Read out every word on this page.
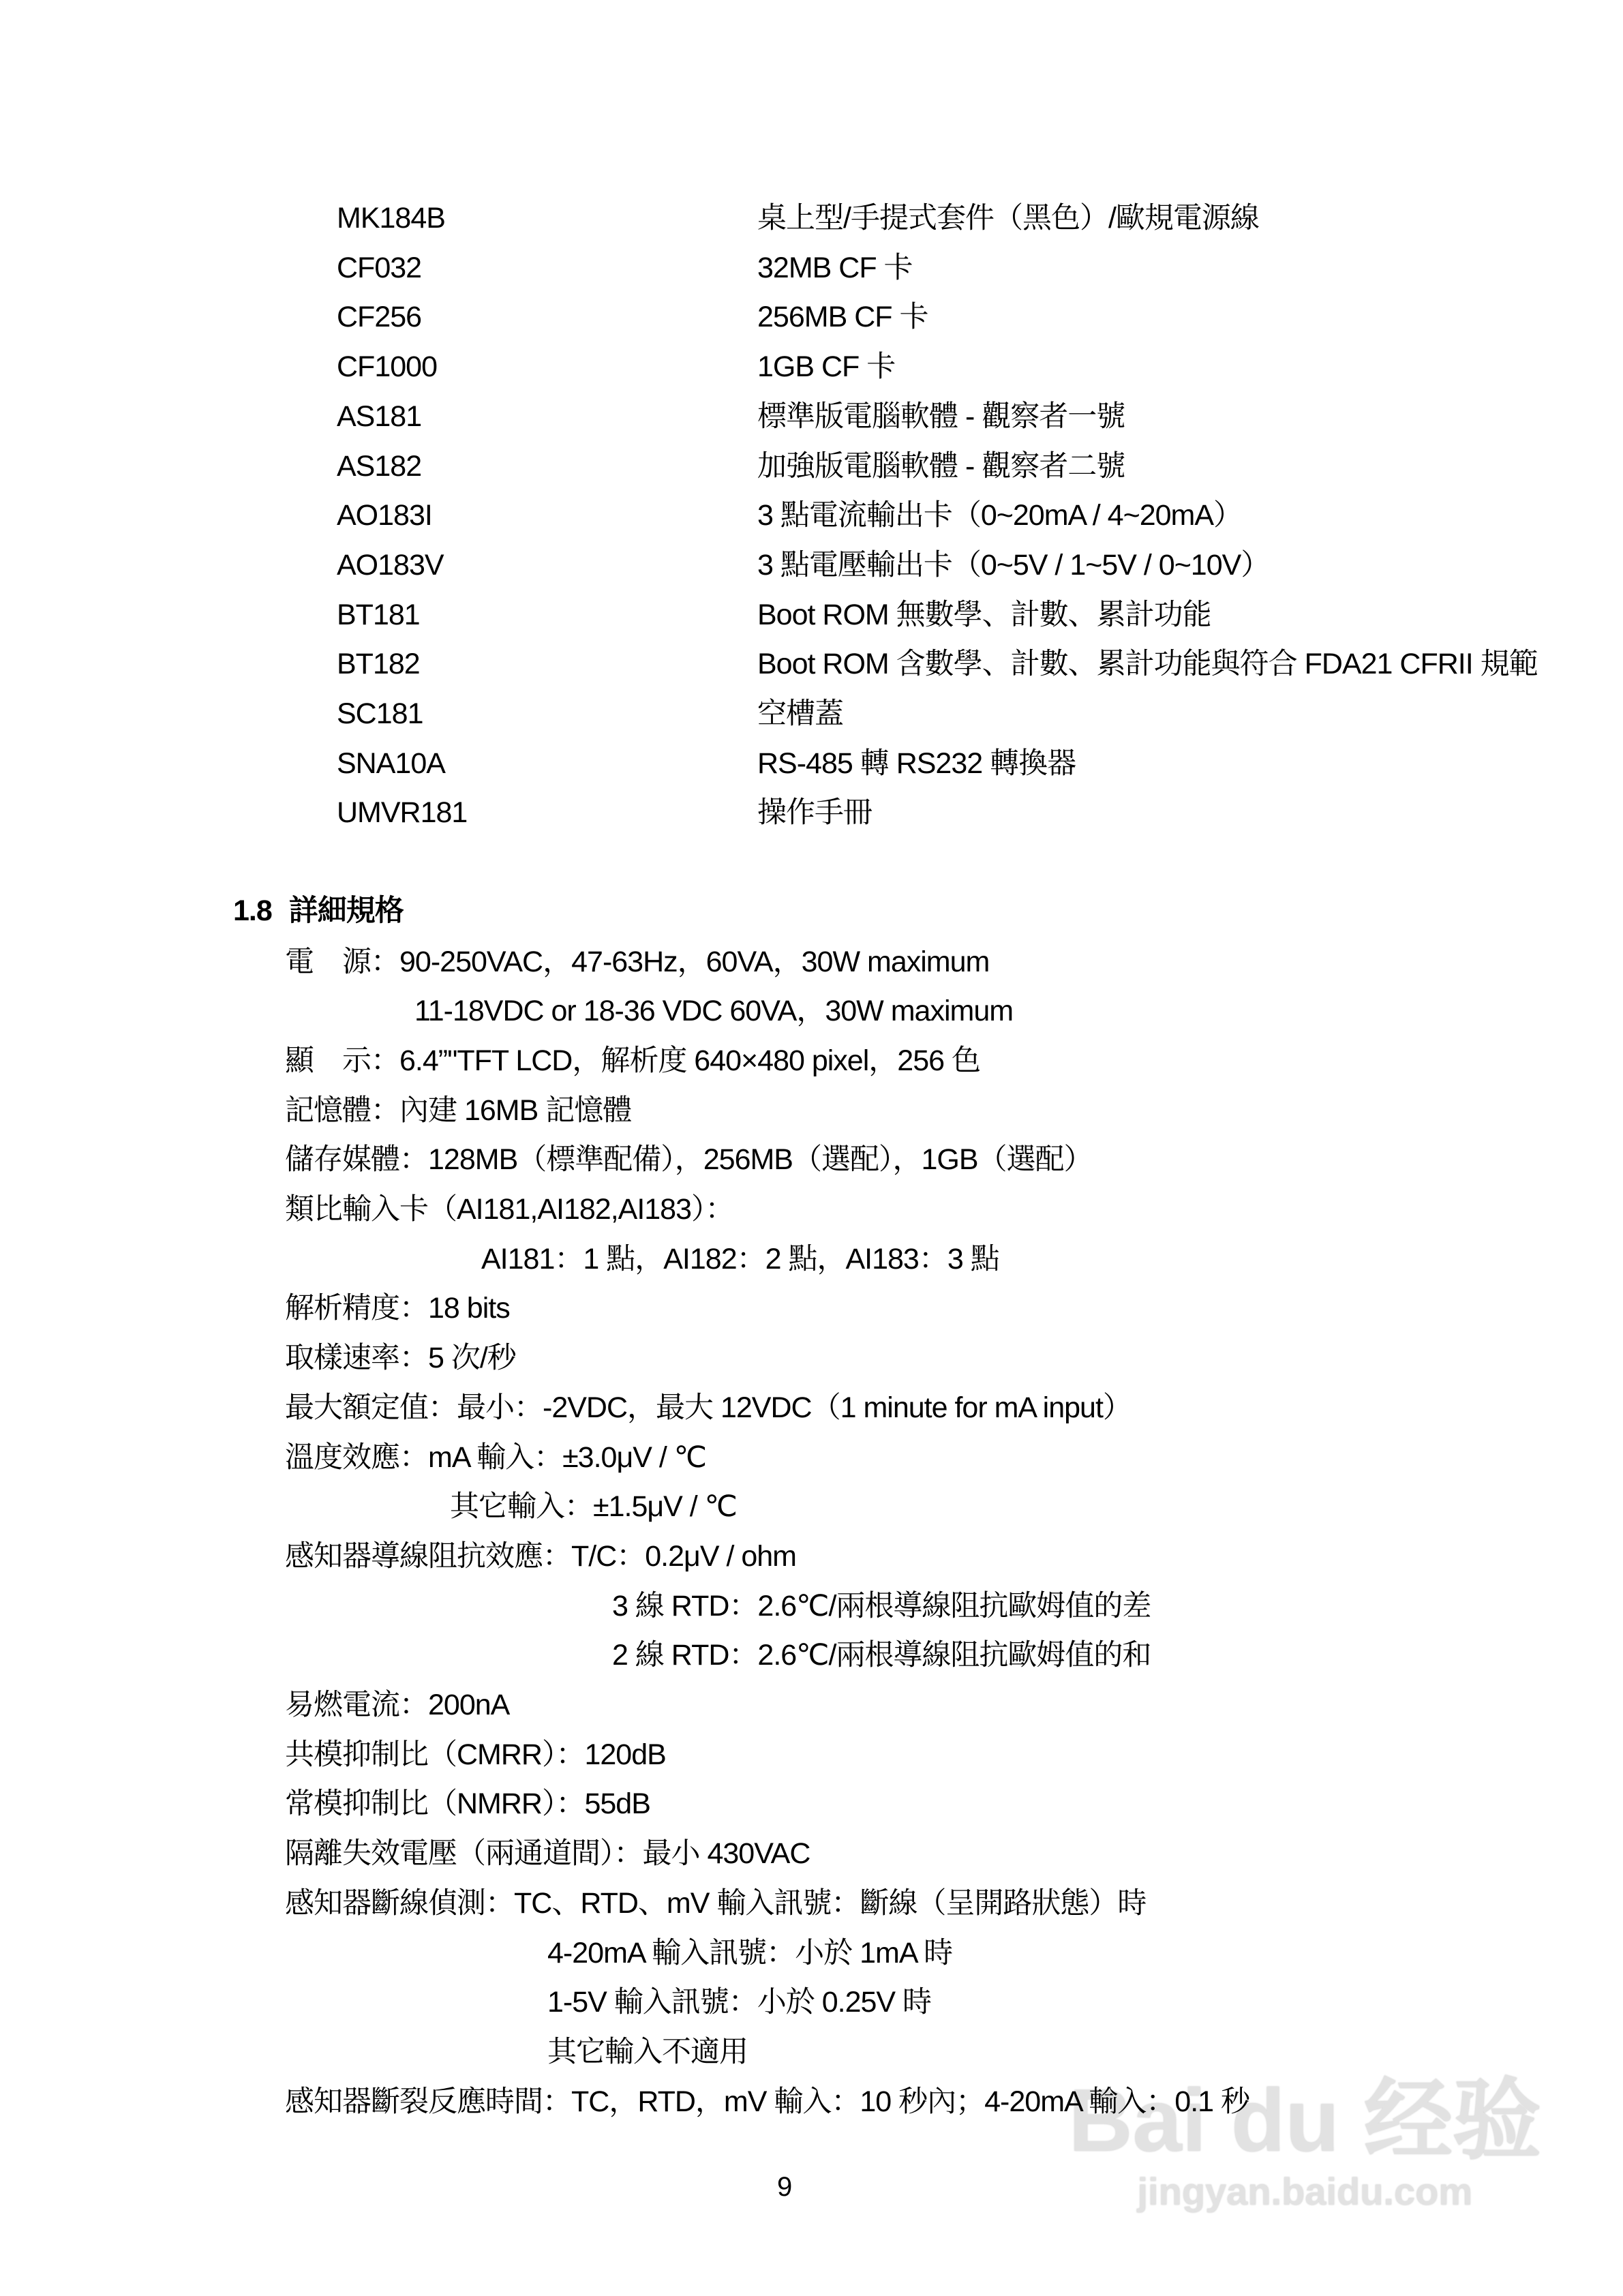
1.8 詳細規格
9
Bai du 经验
jingyan.baidu.com
MK184B	桌上型/手提式套件（黑色）/歐規電源線
CF032	32MB CF 卡
CF256	256MB CF 卡
CF1000	1GB CF 卡
AS181	標準版電腦軟體 - 觀察者一號
AS182	加強版電腦軟體 - 觀察者二號
AO183I	3 點電流輸出卡（0~20mA / 4~20mA）
AO183V	3 點電壓輸出卡（0~5V / 1~5V / 0~10V）
BT181	Boot ROM 無數學、計數、累計功能
BT182	Boot ROM 含數學、計數、累計功能與符合 FDA21 CFRII 規範
SC181	空槽蓋
SNA10A	RS-485 轉 RS232 轉換器
UMVR181	操作手冊
電　源：90-250VAC，47-63Hz，60VA，30W maximum
11-18VDC or 18-36 VDC 60VA，30W maximum
顯　示：6.4”"TFT LCD，解析度 640×480 pixel，256 色
記憶體：內建 16MB 記憶體
儲存媒體：128MB（標準配備），256MB（選配），1GB（選配）
類比輸入卡（AI181,AI182,AI183）：
AI181：1 點，AI182：2 點，AI183：3 點
解析精度：18 bits
取樣速率：5 次/秒
最大額定值：最小：-2VDC，最大 12VDC（1 minute for mA input）
溫度效應：mA 輸入：±3.0μV / ℃
其它輸入：±1.5μV / ℃
感知器導線阻抗效應：T/C：0.2μV / ohm
3 線 RTD：2.6℃/兩根導線阻抗歐姆值的差
2 線 RTD：2.6℃/兩根導線阻抗歐姆值的和
易燃電流：200nA
共模抑制比（CMRR）：120dB
常模抑制比（NMRR）：55dB
隔離失效電壓（兩通道間）：最小 430VAC
感知器斷線偵測：TC、RTD、mV 輸入訊號：斷線（呈開路狀態）時
4-20mA 輸入訊號：小於 1mA 時
1-5V 輸入訊號：小於 0.25V 時
其它輸入不適用
感知器斷裂反應時間：TC，RTD，mV 輸入：10 秒內；4-20mA 輸入：0.1 秒
